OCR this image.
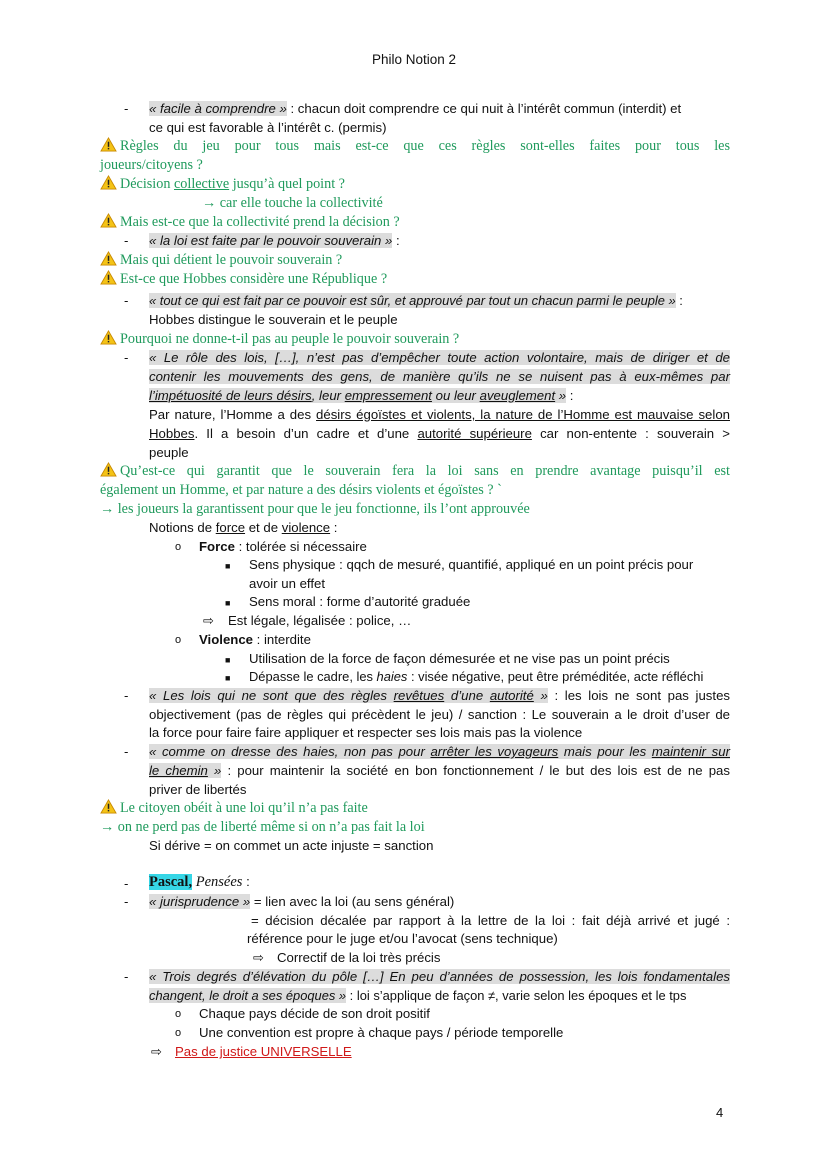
Philo Notion 2
- « facile à comprendre » : chacun doit comprendre ce qui nuit à l’intérêt commun (interdit) et
ce qui est favorable à l’intérêt c. (permis)
Règles du jeu pour tous mais est-ce que ces règles sont-elles faites pour tous les
joueurs/citoyens ?
Décision collective jusqu’à quel point ?
→ car elle touche la collectivité
Mais est-ce que la collectivité prend la décision ?
- « la loi est faite par le pouvoir souverain » :
Mais qui détient le pouvoir souverain ?
Est-ce que Hobbes considère une République ?
- « tout ce qui est fait par ce pouvoir est sûr, et approuvé par tout un chacun parmi le peuple » :
Hobbes distingue le souverain et le peuple
Pourquoi ne donne-t-il pas au peuple le pouvoir souverain ?
- « Le rôle des lois, […], n’est pas d’empêcher toute action volontaire, mais de diriger et de
contenir les mouvements des gens, de manière qu’ils ne se nuisent pas à eux-mêmes par
l’impétuosité de leurs désirs, leur empressement ou leur aveuglement » :
Par nature, l’Homme a des désirs égoïstes et violents, la nature de l’Homme est mauvaise selon
Hobbes. Il a besoin d’un cadre et d’une autorité supérieure car non-entente : souverain >
peuple
Qu’est-ce qui garantit que le souverain fera la loi sans en prendre avantage puisqu’il est
également un Homme, et par nature a des désirs violents et égoïstes ? `
→ les joueurs la garantissent pour que le jeu fonctionne, ils l’ont approuvée
Notions de force et de violence :
o Force : tolérée si nécessaire
■ Sens physique : qqch de mesuré, quantifié, appliqué en un point précis pour
avoir un effet
■ Sens moral : forme d’autorité graduée
⇨ Est légale, légalisée : police, …
o Violence : interdite
■ Utilisation de la force de façon démesurée et ne vise pas un point précis
■ Dépasse le cadre, les haies : visée négative, peut être préméditée, acte réfléchi
- « Les lois qui ne sont que des règles revêtues d’une autorité » : les lois ne sont pas justes
objectivement (pas de règles qui précèdent le jeu) / sanction : Le souverain a le droit d’user de
la force pour faire faire appliquer et respecter ses lois mais pas la violence
- « comme on dresse des haies, non pas pour arrêter les voyageurs mais pour les maintenir sur
le chemin » : pour maintenir la société en bon fonctionnement / le but des lois est de ne pas
priver de libertés
Le citoyen obéit à une loi qu’il n’a pas faite
→ on ne perd pas de liberté même si on n’a pas fait la loi
Si dérive = on commet un acte injuste = sanction
- Pascal, Pensées :
- « jurisprudence » = lien avec la loi (au sens général)
= décision décalée par rapport à la lettre de la loi : fait déjà arrivé et jugé :
référence pour le juge et/ou l’avocat (sens technique)
⇨ Correctif de la loi très précis
- « Trois degrés d’élévation du pôle […] En peu d’années de possession, les lois fondamentales
changent, le droit a ses époques » : loi s’applique de façon ≠, varie selon les époques et le tps
o Chaque pays décide de son droit positif
o Une convention est propre à chaque pays / période temporelle
⇨ Pas de justice UNIVERSELLE
4
